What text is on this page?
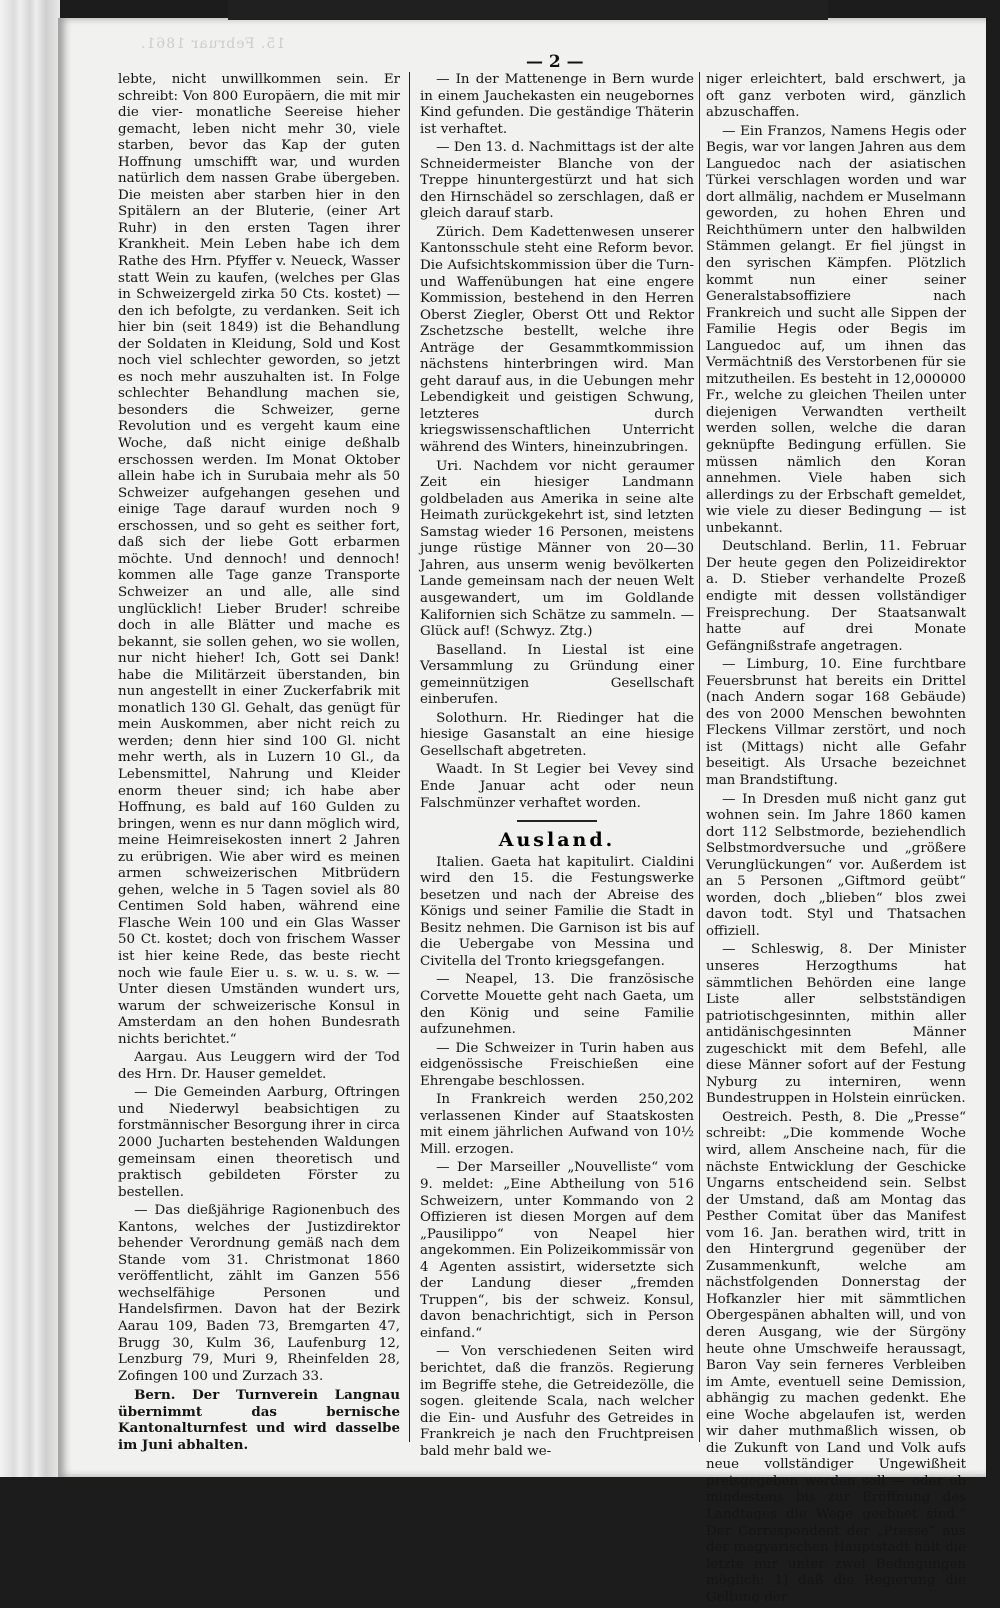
15. Februar 1861.
— 2 —

lebte, nicht unwillkommen sein. Er schreibt: Von 800 Europäern, die mit mir die vier- monatliche Seereise hieher gemacht, leben nicht mehr 30, viele starben, bevor das Kap der guten Hoffnung umschifft war, und wurden natürlich dem nassen Grabe übergeben. Die meisten aber starben hier in den Spitälern an der Bluterie, (einer Art Ruhr) in den ersten Tagen ihrer Krankheit. Mein Leben habe ich dem Rathe des Hrn. Pfyffer v. Neueck, Wasser statt Wein zu kaufen, (welches per Glas in Schweizergeld zirka 50 Cts. kostet) — den ich befolgte, zu verdanken. Seit ich hier bin (seit 1849) ist die Behandlung der Soldaten in Kleidung, Sold und Kost noch viel schlechter geworden, so jetzt es noch mehr auszuhalten ist. In Folge schlechter Behandlung machen sie, besonders die Schweizer, gerne Revolution und es vergeht kaum eine Woche, daß nicht einige deßhalb erschossen werden. Im Monat Oktober allein habe ich in Surubaia mehr als 50 Schweizer aufgehangen gesehen und einige Tage darauf wurden noch 9 erschossen, und so geht es seither fort, daß sich der liebe Gott erbarmen möchte. Und dennoch! und dennoch! kommen alle Tage ganze Transporte Schweizer an und alle, alle sind unglücklich! Lieber Bruder! schreibe doch in alle Blätter und mache es bekannt, sie sollen gehen, wo sie wollen, nur nicht hieher! Ich, Gott sei Dank! habe die Militärzeit überstanden, bin nun angestellt in einer Zuckerfabrik mit monatlich 130 Gl. Gehalt, das genügt für mein Auskommen, aber nicht reich zu werden; denn hier sind 100 Gl. nicht mehr werth, als in Luzern 10 Gl., da Lebensmittel, Nahrung und Kleider enorm theuer sind; ich habe aber Hoffnung, es bald auf 160 Gulden zu bringen, wenn es nur dann möglich wird, meine Heimreisekosten innert 2 Jahren zu erübrigen. Wie aber wird es meinen armen schweizerischen Mitbrüdern gehen, welche in 5 Tagen soviel als 80 Centimen Sold haben, während eine Flasche Wein 100 und ein Glas Wasser 50 Ct. kostet; doch von frischem Wasser ist hier keine Rede, das beste riecht noch wie faule Eier u. s. w. u. s. w. — Unter diesen Umständen wundert urs, warum der schweizerische Konsul in Amsterdam an den hohen Bundesrath nichts berichtet.“

Aargau. Aus Leuggern wird der Tod des Hrn. Dr. Hauser gemeldet.

— Die Gemeinden Aarburg, Oftringen und Niederwyl beabsichtigen zu forstmännischer Besorgung ihrer in circa 2000 Jucharten bestehenden Waldungen gemeinsam einen theoretisch und praktisch gebildeten Förster zu bestellen.

— Das dießjährige Ragionenbuch des Kantons, welches der Justizdirektor behender Verordnung gemäß nach dem Stande vom 31. Christmonat 1860 veröffentlicht, zählt im Ganzen 556 wechselfähige Personen und Handelsfirmen. Davon hat der Bezirk Aarau 109, Baden 73, Bremgarten 47, Brugg 30, Kulm 36, Laufenburg 12, Lenzburg 79, Muri 9, Rheinfelden 28, Zofingen 100 und Zurzach 33.

Bern. Der Turnverein Langnau übernimmt das bernische Kantonalturnfest und wird dasselbe im Juni abhalten.

— In der Mattenenge in Bern wurde in einem Jauchekasten ein neugebornes Kind gefunden. Die geständige Thäterin ist verhaftet.

— Den 13. d. Nachmittags ist der alte Schneidermeister Blanche von der Treppe hinuntergestürzt und hat sich den Hirnschädel so zerschlagen, daß er gleich darauf starb.

Zürich. Dem Kadettenwesen unserer Kantonsschule steht eine Reform bevor. Die Aufsichtskommission über die Turn- und Waffenübungen hat eine engere Kommission, bestehend in den Herren Oberst Ziegler, Oberst Ott und Rektor Zschetzsche bestellt, welche ihre Anträge der Gesammtkommission nächstens hinterbringen wird. Man geht darauf aus, in die Uebungen mehr Lebendigkeit und geistigen Schwung, letzteres durch kriegswissenschaftlichen Unterricht während des Winters, hineinzubringen.

Uri. Nachdem vor nicht geraumer Zeit ein hiesiger Landmann goldbeladen aus Amerika in seine alte Heimath zurückgekehrt ist, sind letzten Samstag wieder 16 Personen, meistens junge rüstige Männer von 20—30 Jahren, aus unserm wenig bevölkerten Lande gemeinsam nach der neuen Welt ausgewandert, um im Goldlande Kalifornien sich Schätze zu sammeln. — Glück auf! (Schwyz. Ztg.)

Baselland. In Liestal ist eine Versammlung zu Gründung einer gemeinnützigen Gesellschaft einberufen.

Solothurn. Hr. Riedinger hat die hiesige Gasanstalt an eine hiesige Gesellschaft abgetreten.

Waadt. In St Legier bei Vevey sind Ende Januar acht oder neun Falschmünzer verhaftet worden.

Ausland.

Italien. Gaeta hat kapitulirt. Cialdini wird den 15. die Festungswerke besetzen und nach der Abreise des Königs und seiner Familie die Stadt in Besitz nehmen. Die Garnison ist bis auf die Uebergabe von Messina und Civitella del Tronto kriegsgefangen.

— Neapel, 13. Die französische Corvette Mouette geht nach Gaeta, um den König und seine Familie aufzunehmen.

— Die Schweizer in Turin haben aus eidgenössische Freischießen eine Ehrengabe beschlossen.

In Frankreich werden 250,202 verlassenen Kinder auf Staatskosten mit einem jährlichen Aufwand von 10½ Mill. erzogen.

— Der Marseiller „Nouvelliste“ vom 9. meldet: „Eine Abtheilung von 516 Schweizern, unter Kommando von 2 Offizieren ist diesen Morgen auf dem „Pausilippo“ von Neapel hier angekommen. Ein Polizeikommissär von 4 Agenten assistirt, widersetzte sich der Landung dieser „fremden Truppen“, bis der schweiz. Konsul, davon benachrichtigt, sich in Person einfand.“

— Von verschiedenen Seiten wird berichtet, daß die französ. Regierung im Begriffe stehe, die Getreidezölle, die sogen. gleitende Scala, nach welcher die Ein- und Ausfuhr des Getreides in Frankreich je nach den Fruchtpreisen bald mehr bald we-

niger erleichtert, bald erschwert, ja oft ganz verboten wird, gänzlich abzuschaffen.

— Ein Franzos, Namens Hegis oder Begis, war vor langen Jahren aus dem Languedoc nach der asiatischen Türkei verschlagen worden und war dort allmälig, nachdem er Muselmann geworden, zu hohen Ehren und Reichthümern unter den halbwilden Stämmen gelangt. Er fiel jüngst in den syrischen Kämpfen. Plötzlich kommt nun einer seiner Generalstabsoffiziere nach Frankreich und sucht alle Sippen der Familie Hegis oder Begis im Languedoc auf, um ihnen das Vermächtniß des Verstorbenen für sie mitzutheilen. Es besteht in 12,000000 Fr., welche zu gleichen Theilen unter diejenigen Verwandten vertheilt werden sollen, welche die daran geknüpfte Bedingung erfüllen. Sie müssen nämlich den Koran annehmen. Viele haben sich allerdings zu der Erbschaft gemeldet, wie viele zu dieser Bedingung — ist unbekannt.

Deutschland. Berlin, 11. Februar Der heute gegen den Polizeidirektor a. D. Stieber verhandelte Prozeß endigte mit dessen vollständiger Freisprechung. Der Staatsanwalt hatte auf drei Monate Gefängnißstrafe angetragen.

— Limburg, 10. Eine furchtbare Feuersbrunst hat bereits ein Drittel (nach Andern sogar 168 Gebäude) des von 2000 Menschen bewohnten Fleckens Villmar zerstört, und noch ist (Mittags) nicht alle Gefahr beseitigt. Als Ursache bezeichnet man Brandstiftung.

— In Dresden muß nicht ganz gut wohnen sein. Im Jahre 1860 kamen dort 112 Selbstmorde, beziehendlich Selbstmordversuche und „größere Verunglückungen“ vor. Außerdem ist an 5 Personen „Giftmord geübt“ worden, doch „blieben“ blos zwei davon todt. Styl und Thatsachen offiziell.

— Schleswig, 8. Der Minister unseres Herzogthums hat sämmtlichen Behörden eine lange Liste aller selbstständigen patriotischgesinnten, mithin aller antidänischgesinnten Männer zugeschickt mit dem Befehl, alle diese Männer sofort auf der Festung Nyburg zu interniren, wenn Bundestruppen in Holstein einrücken.

Oestreich. Pesth, 8. Die „Presse“ schreibt: „Die kommende Woche wird, allem Anscheine nach, für die nächste Entwicklung der Geschicke Ungarns entscheidend sein. Selbst der Umstand, daß am Montag das Pesther Comitat über das Manifest vom 16. Jan. berathen wird, tritt in den Hintergrund gegenüber der Zusammenkunft, welche am nächstfolgenden Donnerstag der Hofkanzler hier mit sämmtlichen Obergespänen abhalten will, und von deren Ausgang, wie der Sürgöny heute ohne Umschweife heraussagt, Baron Vay sein ferneres Verbleiben im Amte, eventuell seine Demission, abhängig zu machen gedenkt. Ehe eine Woche abgelaufen ist, werden wir daher muthmaßlich wissen, ob die Zukunft von Land und Volk aufs neue vollständiger Ungewißheit preisgegeben werden soll — oder ob mindestens bis zur Eröffnung des Landtages die Wege geebnet sind.“ Der Correspondent der „Presse“ aus der magyarischen Hauptstadt hält die letzte nur unter zwei Bedingungen möglich: 1) daß die Regierung die Geltung der
